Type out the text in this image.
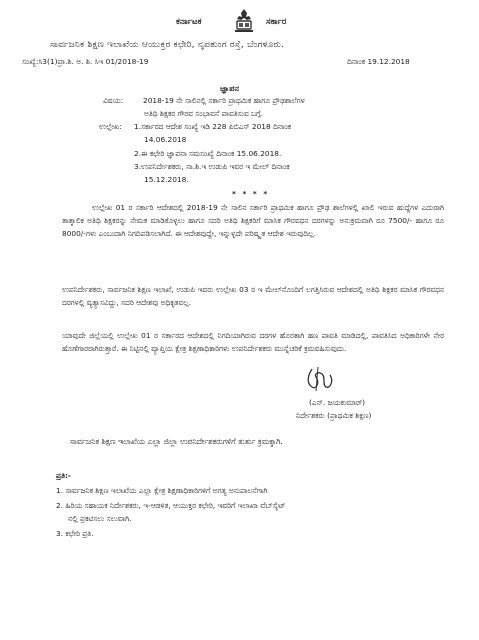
ಕರ್ನಾಟಕ	ಸರ್ಕಾರ
ಸಾರ್ವಜನಿಕ ಶಿಕ್ಷಣ ಇಲಾಖೆಯ ಆಯುಕ್ತರ ಕಛೇರಿ, ನೃಪತುಂಗ ರಸ್ತೆ, ಬೆಂಗಳೂರು.
ಸಂಖ್ಯೆ:ಸಿ3(1)ಪ್ರಾ.ಶಿ. ಅ. ಶಿ. ಸಿಇ 01/2018-19	ದಿನಾಂಕ 19.12.2018
ಜ್ಞಾಪನ
ವಿಷಯ:	2018-19 ನೇ ಸಾಲಿನಲ್ಲಿ ಸರ್ಕಾರಿ ಪ್ರಾಥಮಿಕ ಹಾಗೂ ಪ್ರೌಢಶಾಲೆಗಳ
ಅತಿಥಿ ಶಿಕ್ಷಕರ ಗೌರವ ಸಂಭಾವನೆ ಪಾವತಿಸುವ ಬಗ್ಗೆ.
ಉಲ್ಲೇಖ: 1.ಸರ್ಕಾರದ ಆದೇಶ ಸಂಖ್ಯೆ ಇಡಿ 228 ಪಿಬಿಎಸ್ 2018 ದಿನಾಂಕ
14.06.2018
2.ಈ ಕಛೇರಿ ಜ್ಞಾಪನಾ ಸಮಸಂಖ್ಯೆ ದಿನಾಂಕ 15.06.2018.
3.ಉಪನಿರ್ದೇಶಕರು, ಸಾ.ಶಿ.ಇ ಉಡುಪಿ ಇವರ ಇ ಮೇಲ್ ದಿನಾಂಕ
15.12.2018.
* * * *
ಉಲ್ಲೇಖ 01 ರ ಸರ್ಕಾರಿ ಆದೇಶದಲ್ಲಿ 2018-19 ನೇ ಸಾಲಿನ ಸರ್ಕಾರಿ ಪ್ರಾಥಮಿಕ ಹಾಗೂ ಪ್ರೌಢ ಶಾಲೆಗಳಲ್ಲಿ ಖಾಲಿ ಇರುವ ಹುದ್ದೆಗಳ ಎದುರಾಗಿ ತಾತ್ಕಾಲಿಕ ಅತಿಥಿ ಶಿಕ್ಷಕರನ್ನು ನೇಮಕ ಮಾಡಿಕೊಳ್ಳಲು ಹಾಗೂ ಸದರಿ ಅತಿಥಿ ಶಿಕ್ಷಕರಿಗೆ ಮಾಸಿಕ ಗೌರವಧನ ದರಗಳನ್ನು ಅನುಕ್ರಮವಾಗಿ ರೂ 7500/- ಹಾಗೂ ರೂ 8000/-ಗಳು ಎಂಬುದಾಗಿ ನಿಗದಿಪಡಿಸಲಾಗಿದೆ. ಈ ಆದೇಶವುದ್ದೇ, ಇನ್ನುಳ್ಳದೇ ಪರಿಷ್ಕೃತ ಆದೇಶ ಇರುವುದಿಲ್ಲ.
ಉಪನಿರ್ದೇಶಕರು, ಸಾರ್ವಜನಿಕ ಶಿಕ್ಷಣ ಇಲಾಖೆ, ಉಡುಪಿ ಇವರು ಉಲ್ಲೇಖ 03 ರ ಇ ಮೇಲ್‌ನೊಂದಿಗೆ ಲಗತ್ತಿಸಿರುವ ಆದೇಶದಲ್ಲಿ ಅತಿಥಿ ಶಿಕ್ಷಕರ ಮಾಸಿಕ ಗೌರವಧನ ದರಗಳಲ್ಲಿ ವ್ಯತ್ಯಾಸವಿದ್ದು, ಸದರಿ ಆದೇಶವು ಅಧಿಕೃತವಲ್ಲ.
ಯಾವುದೇ ಜಿಲ್ಲೆಯಲ್ಲಿ ಉಲ್ಲೇಖ 01 ರ ಸರ್ಕಾರದ ಆದೇಶದಲ್ಲಿ ನಿಗದಿಯಾಗಿರುವ ದರಗಳ ಹೊರತಾಗಿ ಹಣ ಪಾವತಿ ಮಾಡಿದಲ್ಲಿ, ಪಾವತಿಸಿದ ಅಧಿಕಾರಿಗಳೇ ನೇರ ಹೊಣೆಗಾರರಾಗಿರುತ್ತಾರೆ. ಈ ನಿಟ್ಟಿನಲ್ಲಿ ವ್ಯಾಪ್ತಿಯ ಕ್ಷೇತ್ರ ಶಿಕ್ಷಣಾಧಿಕಾರಿಗಳು ಉಪನಿರ್ದೇಶಕರು ಮುನ್ನೆಚರಿಕೆ ಕ್ರಮವಹಿಸುವುದು.
(ಎಸ್. ಜಯಕುಮಾರ್)
ನಿರ್ದೇಶಕರು (ಪ್ರಾಥಮಿಕ ಶಿಕ್ಷಣ)
ಸಾರ್ವಜನಿಕ ಶಿಕ್ಷಣ ಇಲಾಖೆಯ ಎಲ್ಲಾ ಜಿಲ್ಲಾ ಉಪನಿರ್ದೇಶಕರುಗಳಿಗೆ ತುರ್ತು ಕ್ರಮಕ್ಕಾಗಿ.
ಪ್ರತಿ:-
1. ಸಾರ್ವಜನಿಕ ಶಿಕ್ಷಣ ಇಲಾಖೆಯ ಎಲ್ಲಾ ಕ್ಷೇತ್ರ ಶಿಕ್ಷಣಾಧಿಕಾರಿಗಳಿಗೆ ಅಗತ್ಯ ಅನುಪಾಲನೆಗಾಗಿ
2. ಹಿರಿಯ ಸಹಾಯಕ ನಿರ್ದೇಶಕರು, ಇ-ಆಡಳಿತ, ಆಯುಕ್ತರ ಕಛೇರಿ, ಇವರಿಗೆ ಇಲಾಖಾ ವೆಬ್‌ಸೈಟ್
ನಲ್ಲಿ ಪ್ರಕಟಿಸಲು ಸಲುವಾಗಿ.
3. ಕಛೇರಿ ಪ್ರತಿ.
